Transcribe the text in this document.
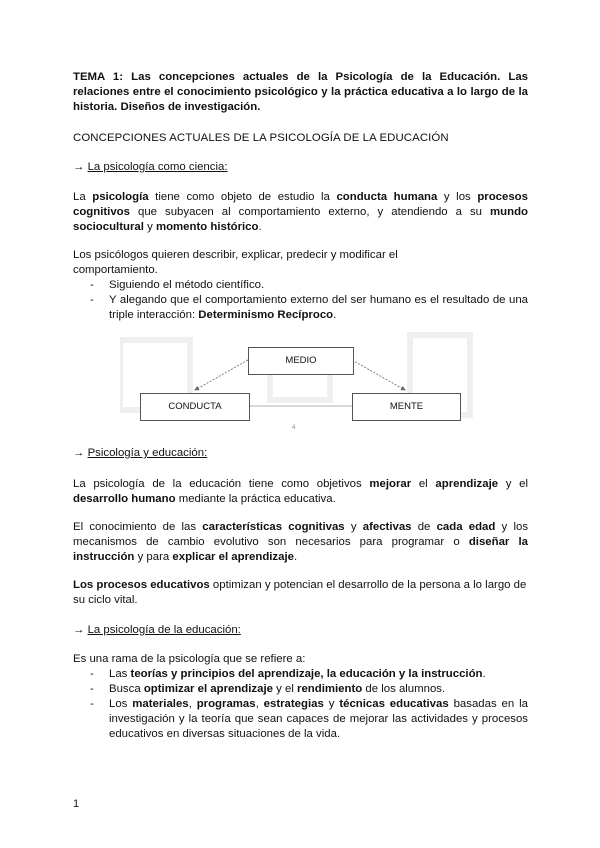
TEMA 1: Las concepciones actuales de la Psicología de la Educación. Las relaciones entre el conocimiento psicológico y la práctica educativa a lo largo de la historia. Diseños de investigación.
CONCEPCIONES ACTUALES DE LA PSICOLOGÍA DE LA EDUCACIÓN
→ La psicología como ciencia:
La psicología tiene como objeto de estudio la conducta humana y los procesos cognitivos que subyacen al comportamiento externo, y atendiendo a su mundo sociocultural y momento histórico.
Los psicólogos quieren describir, explicar, predecir y modificar el
comportamiento.
- Siguiendo el método científico.
- Y alegando que el comportamiento externo del ser humano es el resultado de una triple interacción: Determinismo Recíproco.
MEDIO
CONDUCTA	MENTE
4
→ Psicología y educación:
La psicología de la educación tiene como objetivos mejorar el aprendizaje y el desarrollo humano mediante la práctica educativa.
El conocimiento de las características cognitivas y afectivas de cada edad y los mecanismos de cambio evolutivo son necesarios para programar o diseñar la instrucción y para explicar el aprendizaje.
Los procesos educativos optimizan y potencian el desarrollo de la persona a lo largo de su ciclo vital.
→ La psicología de la educación:
Es una rama de la psicología que se refiere a:
- Las teorías y principios del aprendizaje, la educación y la instrucción.
- Busca optimizar el aprendizaje y el rendimiento de los alumnos.
- Los materiales, programas, estrategias y técnicas educativas basadas en la investigación y la teoría que sean capaces de mejorar las actividades y procesos educativos en diversas situaciones de la vida.
1
